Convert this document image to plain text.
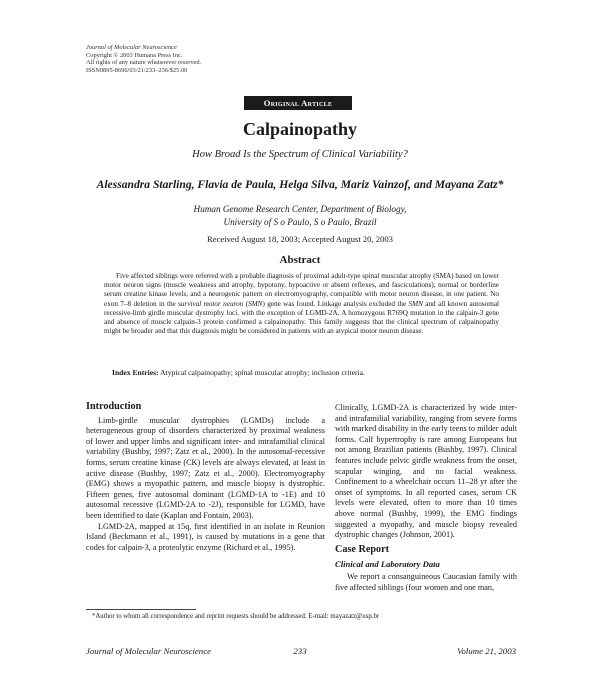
Journal of Molecular Neuroscience
Copyright © 2003 Humana Press Inc.
All rights of any nature whatsoever reserved.
ISSN0895-8696/03/21:233–236/$25.00
Original Article
Calpainopathy
How Broad Is the Spectrum of Clinical Variability?
Alessandra Starling, Flavia de Paula, Helga Silva, Mariz Vainzof, and Mayana Zatz*
Human Genome Research Center, Department of Biology,
University of S o Paulo, S o Paulo, Brazil
Received August 18, 2003; Accepted August 20, 2003
Abstract
Five affected siblings were referred with a probable diagnosis of proximal adult-type spinal muscular atrophy (SMA) based on lower motor neuron signs (muscle weakness and atrophy, hypotony, hypoactive or absent reflexes, and fasciculations), normal or borderline serum creatine kinase levels, and a neurogenic pattern on electromyography, compatible with motor neuron disease, in one patient. No exon 7–8 deletion in the survival motor neuron (SMN) gene was found. Linkage analysis excluded the SMN and all known autosomal recessive-limb girdle muscular dystrophy loci, with the exception of LGMD-2A. A homozygous R769Q mutation in the calpain-3 gene and absence of muscle calpain-3 protein confirmed a calpainopathy. This family suggests that the clinical spectrum of calpainopathy might be broader and that this diagnosis might be considered in patients with an atypical motor neuron disease.
Index Entries: Atypical calpainopathy; spinal muscular atrophy; inclusion criteria.
Introduction

Limb-girdle muscular dystrophies (LGMDs) include a heterogeneous group of disorders characterized by proximal weakness of lower and upper limbs and significant inter- and intrafamilial clinical variability (Bushby, 1997; Zatz et al., 2000). In the autosomal-recessive forms, serum creatine kinase (CK) levels are always elevated, at least in active disease (Bushby, 1997; Zatz et al., 2000). Electromyography (EMG) shows a myopathic pattern, and muscle biopsy is dystrophic. Fifteen genes, five autosomal dominant (LGMD-1A to -1E) and 10 autosomal recessive (LGMD-2A to -2J), responsible for LGMD, have been identified to date (Kaplan and Fontain, 2003).

LGMD-2A, mapped at 15q, first identified in an isolate in Reunion Island (Beckmann et al., 1991), is caused by mutations in a gene that codes for calpain-3, a proteolytic enzyme (Richard et al., 1995).

Clinically, LGMD-2A is characterized by wide inter- and intrafamilial variability, ranging from severe forms with marked disability in the early teens to milder adult forms. Calf hypertrophy is rare among Europeans but not among Brazilian patients (Bushby, 1997). Clinical features include pelvic girdle weakness from the onset, scapular winging, and no facial weakness. Confinement to a wheelchair occurs 11–28 yr after the onset of symptoms. In all reported cases, serum CK levels were elevated, often to more than 10 times above normal (Bushby, 1999), the EMG findings suggested a myopathy, and muscle biopsy revealed dystrophic changes (Johnson, 2001).

Case Report
Clinical and Laboratory Data

We report a consanguineous Caucasian family with five affected siblings (four women and one man,

*Author to whom all correspondence and reprint requests should be addressed. E-mail: mayazatz@usp.br
Journal of Molecular Neuroscience	233	Volume 21, 2003
